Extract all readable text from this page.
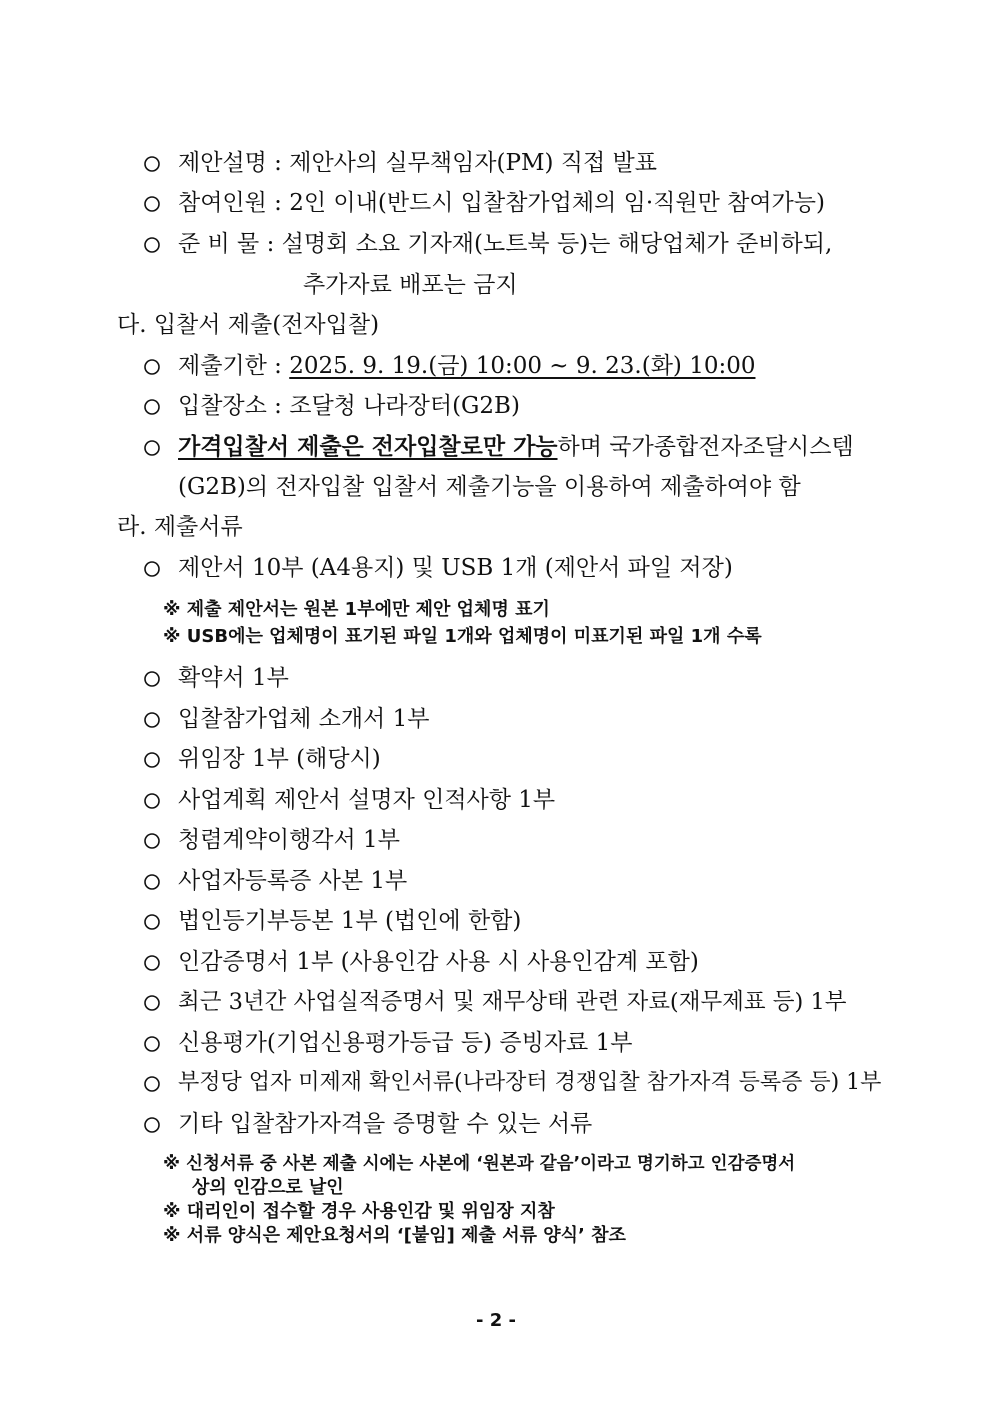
제안설명 : 제안사의 실무책임자(PM) 직접 발표
참여인원 : 2인 이내(반드시 입찰참가업체의 임·직원만 참여가능)
준 비 물 : 설명회 소요 기자재(노트북 등)는 해당업체가 준비하되,
추가자료 배포는 금지
다. 입찰서 제출(전자입찰)
제출기한 : 2025. 9. 19.(금) 10:00 ~ 9. 23.(화) 10:00
입찰장소 : 조달청 나라장터(G2B)
가격입찰서 제출은 전자입찰로만 가능하며 국가종합전자조달시스템
(G2B)의 전자입찰 입찰서 제출기능을 이용하여 제출하여야 함
라. 제출서류
제안서 10부 (A4용지) 및 USB 1개 (제안서 파일 저장)
※ 제출 제안서는 원본 1부에만 제안 업체명 표기
※ USB에는 업체명이 표기된 파일 1개와 업체명이 미표기된 파일 1개 수록
확약서 1부
입찰참가업체 소개서 1부
위임장 1부 (해당시)
사업계획 제안서 설명자 인적사항 1부
청렴계약이행각서 1부
사업자등록증 사본 1부
법인등기부등본 1부 (법인에 한함)
인감증명서 1부 (사용인감 사용 시 사용인감계 포함)
최근 3년간 사업실적증명서 및 재무상태 관련 자료(재무제표 등) 1부
신용평가(기업신용평가등급 등) 증빙자료 1부
부정당 업자 미제재 확인서류(나라장터 경쟁입찰 참가자격 등록증 등) 1부
기타 입찰참가자격을 증명할 수 있는 서류
※ 신청서류 중 사본 제출 시에는 사본에 ‘원본과 같음’이라고 명기하고 인감증명서
상의 인감으로 날인
※ 대리인이 접수할 경우 사용인감 및 위임장 지참
※ 서류 양식은 제안요청서의 ‘[붙임] 제출 서류 양식’ 참조
- 2 -
